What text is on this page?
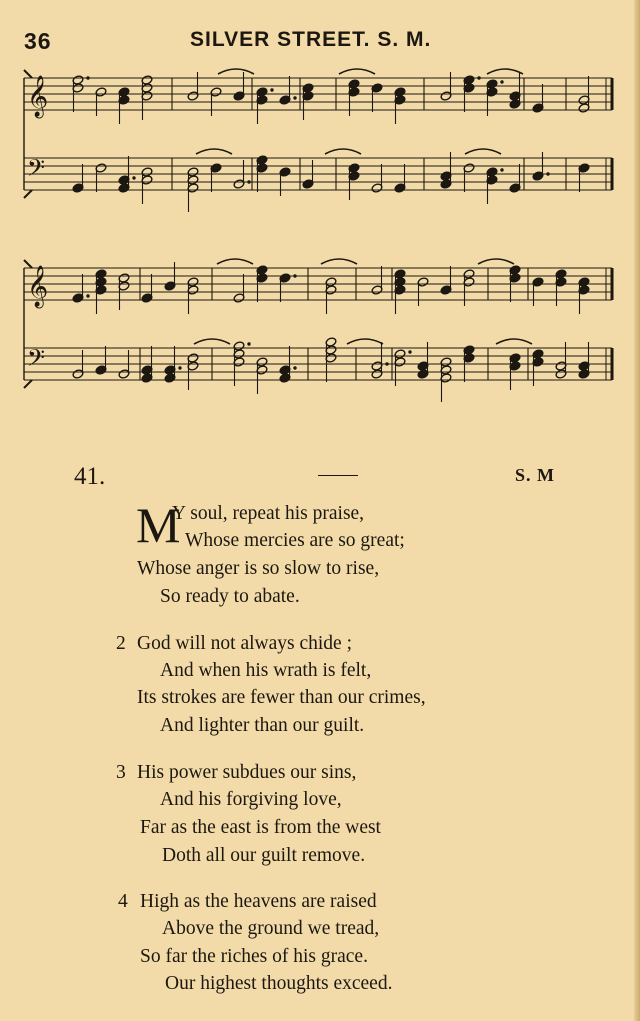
36	SILVER STREET. S. M.
𝄞
𝄢
𝄞
𝄢
41.	S. M
M
Y soul, repeat his praise,
Whose mercies are so great;
Whose anger is so slow to rise,
So ready to abate.
2 God will not always chide ;
And when his wrath is felt,
Its strokes are fewer than our crimes,
And lighter than our guilt.
3 His power subdues our sins,
And his forgiving love,
Far as the east is from the west
Doth all our guilt remove.
4 High as the heavens are raised
Above the ground we tread,
So far the riches of his grace.
Our highest thoughts exceed.
